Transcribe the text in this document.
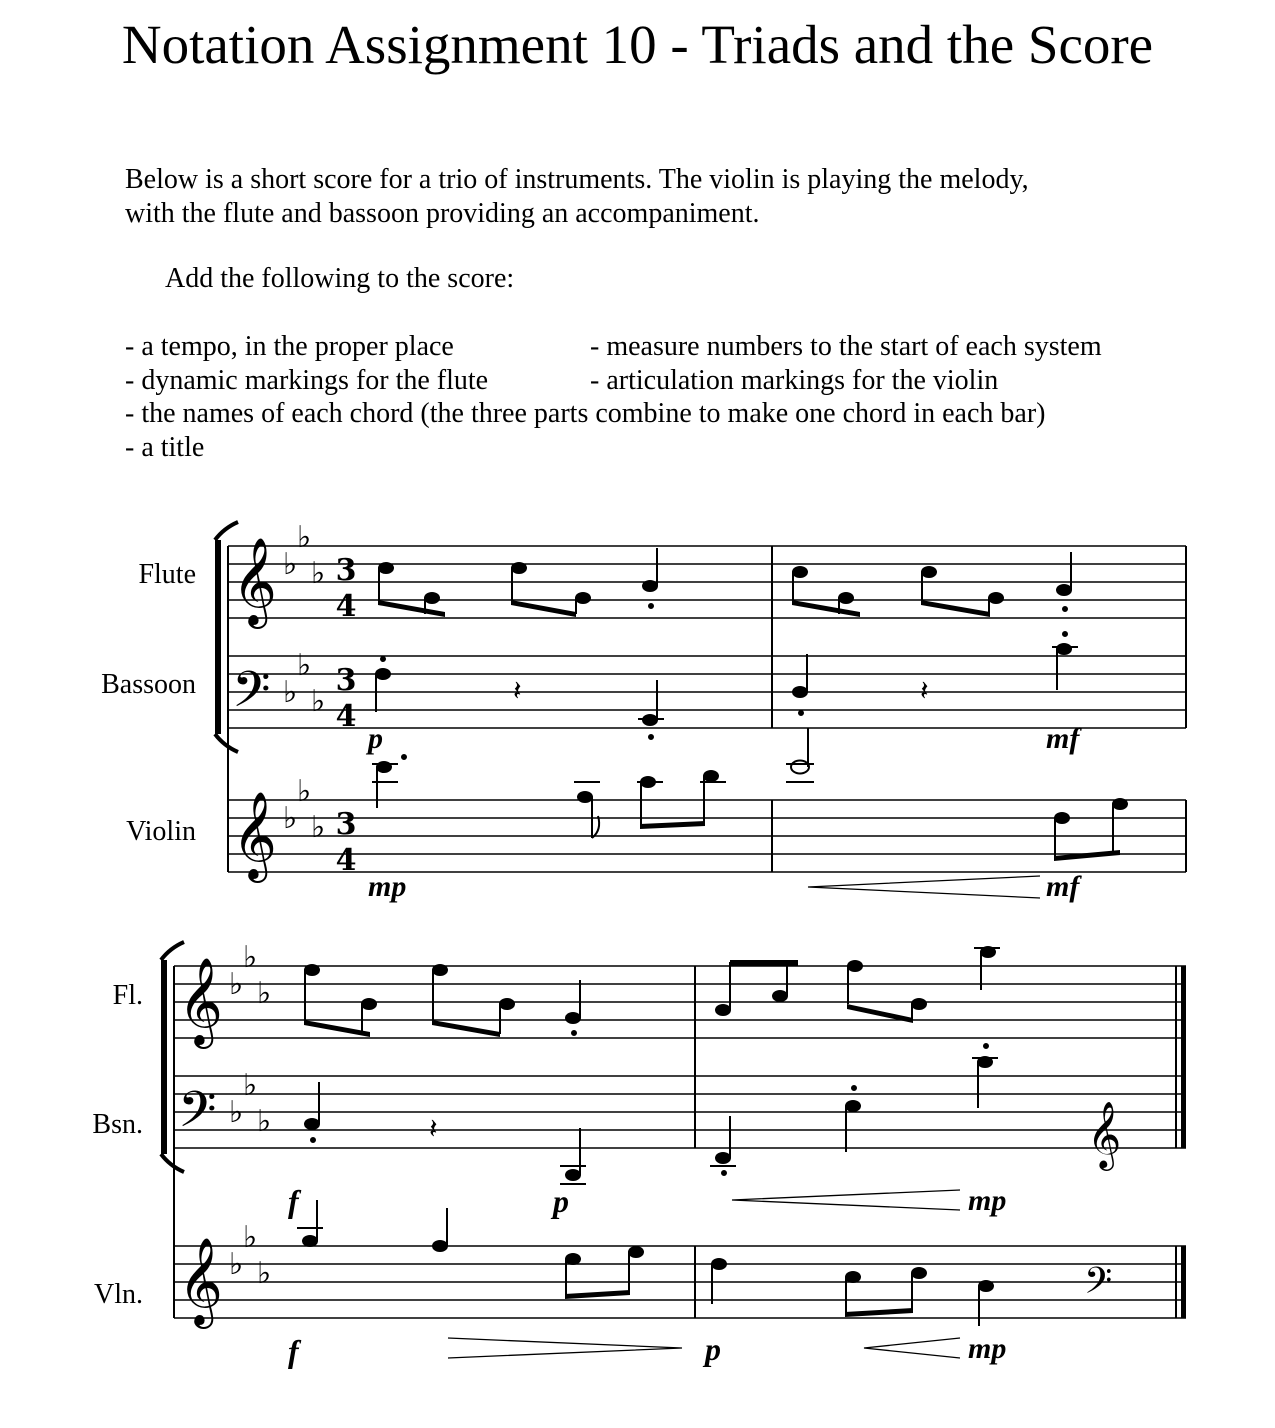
Notation Assignment 10 - Triads and the Score
Below is a short score for a trio of instruments. The violin is playing the melody,
with the flute and bassoon providing an accompaniment.
Add the following to the score:
- a tempo, in the proper place	- measure numbers to the start of each system
- dynamic markings for the flute	- articulation markings for the violin
- the names of each chord (the three parts combine to make one chord in each bar)
- a title
Flute
Bassoon
Violin
𝄞
𝄢
𝄞
♭
♭
♭
♭
♭
♭
♭
♭
♭
3
4
3
4
3
4
𝄽	𝄽
p	mf
mp	mf
Fl.
Bsn.
Vln.
𝄞
𝄢
𝄞
♭
♭
♭
♭
♭
♭
♭
♭
♭
𝄽	𝄞
𝄢
f	p	mp
f	p	mp
